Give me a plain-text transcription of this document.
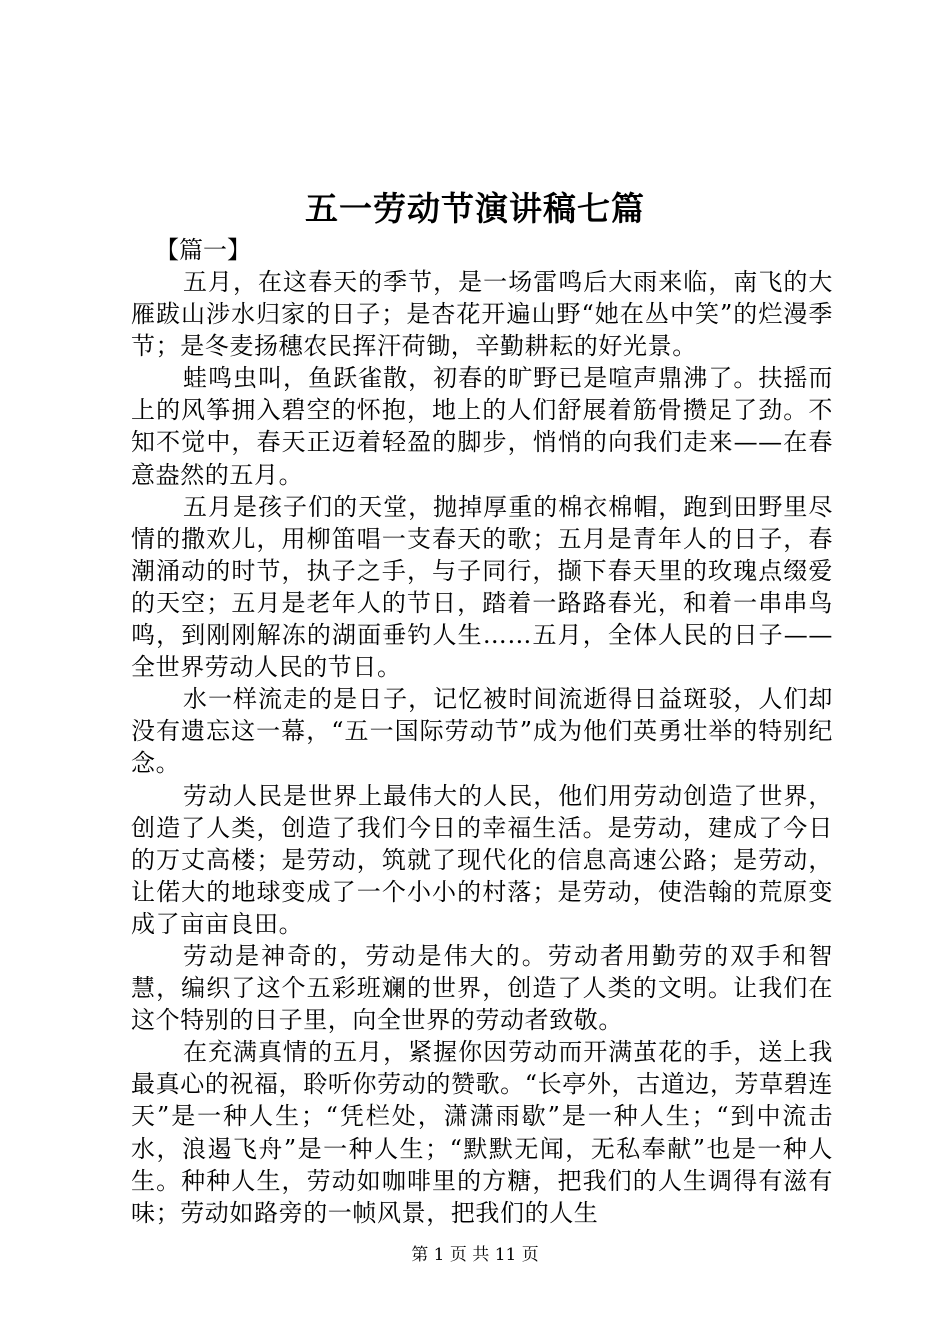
五一劳动节演讲稿七篇

【篇一】

五月，在这春天的季节，是一场雷鸣后大雨来临，南飞的大雁跋山涉水归家的日子；是杏花开遍山野“她在丛中笑”的烂漫季节；是冬麦扬穗农民挥汗荷锄，辛勤耕耘的好光景。

蛙鸣虫叫，鱼跃雀散，初春的旷野已是喧声鼎沸了。扶摇而上的风筝拥入碧空的怀抱，地上的人们舒展着筋骨攒足了劲。不知不觉中，春天正迈着轻盈的脚步，悄悄的向我们走来——在春意盎然的五月。

五月是孩子们的天堂，抛掉厚重的棉衣棉帽，跑到田野里尽情的撒欢儿，用柳笛唱一支春天的歌；五月是青年人的日子，春潮涌动的时节，执子之手，与子同行，撷下春天里的玫瑰点缀爱的天空；五月是老年人的节日，踏着一路路春光，和着一串串鸟鸣，到刚刚解冻的湖面垂钓人生……五月，全体人民的日子——全世界劳动人民的节日。

水一样流走的是日子，记忆被时间流逝得日益斑驳，人们却没有遗忘这一幕，“五一国际劳动节”成为他们英勇壮举的特别纪念。

劳动人民是世界上最伟大的人民，他们用劳动创造了世界，创造了人类，创造了我们今日的幸福生活。是劳动，建成了今日的万丈高楼；是劳动，筑就了现代化的信息高速公路；是劳动，让偌大的地球变成了一个小小的村落；是劳动，使浩翰的荒原变成了亩亩良田。

劳动是神奇的，劳动是伟大的。劳动者用勤劳的双手和智慧，编织了这个五彩班斓的世界，创造了人类的文明。让我们在这个特别的日子里，向全世界的劳动者致敬。

在充满真情的五月，紧握你因劳动而开满茧花的手，送上我最真心的祝福，聆听你劳动的赞歌。“长亭外，古道边，芳草碧连天”是一种人生；“凭栏处，潇潇雨歇”是一种人生；“到中流击水，浪遏飞舟”是一种人生；“默默无闻，无私奉献”也是一种人生。种种人生，劳动如咖啡里的方糖，把我们的人生调得有滋有味；劳动如路旁的一帧风景，把我们的人生

第 1 页 共 11 页
